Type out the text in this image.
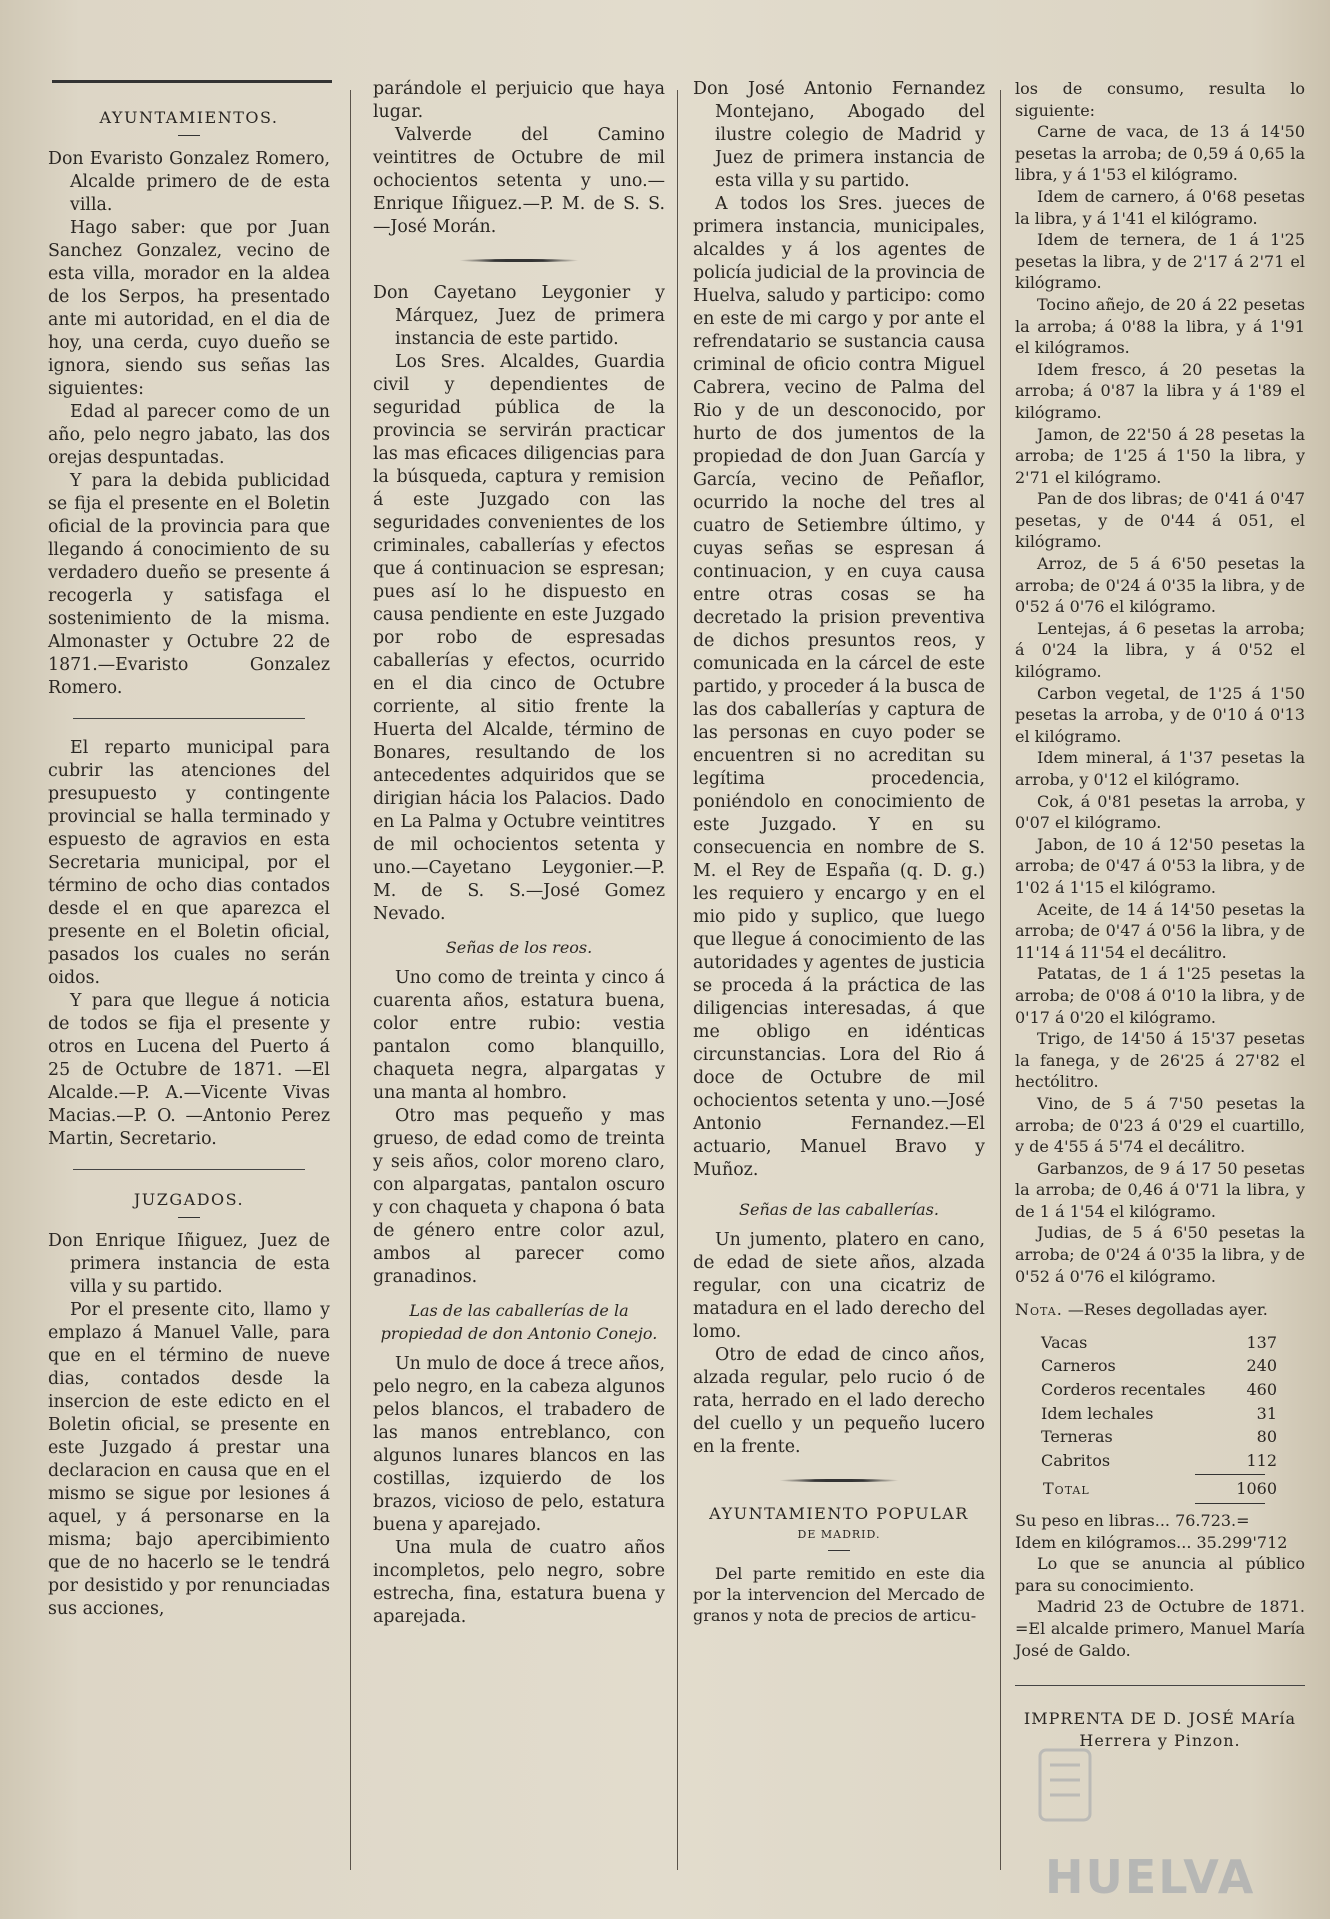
AYUNTAMIENTOS.

Don Evaristo Gonzalez Romero, Alcalde primero de de esta villa.

Hago saber: que por Juan Sanchez Gonzalez, vecino de esta villa, morador en la aldea de los Serpos, ha presentado ante mi autoridad, en el dia de hoy, una cerda, cuyo dueño se ignora, siendo sus señas las siguientes:

Edad al parecer como de un año, pelo negro jabato, las dos orejas despuntadas.

Y para la debida publicidad se fija el presente en el Boletin oficial de la provincia para que llegando á conocimiento de su verdadero dueño se presente á recogerla y satisfaga el sostenimiento de la misma. Almonaster y Octubre 22 de 1871.—Evaristo Gonzalez Romero.

El reparto municipal para cubrir las atenciones del presupuesto y contingente provincial se halla terminado y espuesto de agravios en esta Secretaria municipal, por el término de ocho dias contados desde el en que aparezca el presente en el Boletin oficial, pasados los cuales no serán oidos.

Y para que llegue á noticia de todos se fija el presente y otros en Lucena del Puerto á 25 de Octubre de 1871. —El Alcalde.—P. A.—Vicente Vivas Macias.—P. O. —Antonio Perez Martin, Secretario.

JUZGADOS.

Don Enrique Iñiguez, Juez de primera instancia de esta villa y su partido.

Por el presente cito, llamo y emplazo á Manuel Valle, para que en el término de nueve dias, contados desde la insercion de este edicto en el Boletin oficial, se presente en este Juzgado á prestar una declaracion en causa que en el mismo se sigue por lesiones á aquel, y á personarse en la misma; bajo apercibimiento que de no hacerlo se le tendrá por desistido y por renunciadas sus acciones,

parándole el perjuicio que haya lugar.

Valverde del Camino veintitres de Octubre de mil ochocientos setenta y uno.—Enrique Iñiguez.—P. M. de S. S.—José Morán.

Don Cayetano Leygonier y Márquez, Juez de primera instancia de este partido.

Los Sres. Alcaldes, Guardia civil y dependientes de seguridad pública de la provincia se servirán practicar las mas eficaces diligencias para la búsqueda, captura y remision á este Juzgado con las seguridades convenientes de los criminales, caballerías y efectos que á continuacion se espresan; pues así lo he dispuesto en causa pendiente en este Juzgado por robo de espresadas caballerías y efectos, ocurrido en el dia cinco de Octubre corriente, al sitio frente la Huerta del Alcalde, término de Bonares, resultando de los antecedentes adquiridos que se dirigian hácia los Palacios. Dado en La Palma y Octubre veintitres de mil ochocientos setenta y uno.—Cayetano Leygonier.—P. M. de S. S.—José Gomez Nevado.

Señas de los reos.

Uno como de treinta y cinco á cuarenta años, estatura buena, color entre rubio: vestia pantalon como blanquillo, chaqueta negra, alpargatas y una manta al hombro.

Otro mas pequeño y mas grueso, de edad como de treinta y seis años, color moreno claro, con alpargatas, pantalon oscuro y con chaqueta y chapona ó bata de género entre color azul, ambos al parecer como granadinos.

Las de las caballerías de la propiedad de don Antonio Conejo.

Un mulo de doce á trece años, pelo negro, en la cabeza algunos pelos blancos, el trabadero de las manos entreblanco, con algunos lunares blancos en las costillas, izquierdo de los brazos, vicioso de pelo, estatura buena y aparejado.

Una mula de cuatro años incompletos, pelo negro, sobre estrecha, fina, estatura buena y aparejada.

Don José Antonio Fernandez Montejano, Abogado del ilustre colegio de Madrid y Juez de primera instancia de esta villa y su partido.

A todos los Sres. jueces de primera instancia, municipales, alcaldes y á los agentes de policía judicial de la provincia de Huelva, saludo y participo: como en este de mi cargo y por ante el refrendatario se sustancia causa criminal de oficio contra Miguel Cabrera, vecino de Palma del Rio y de un desconocido, por hurto de dos jumentos de la propiedad de don Juan García y García, vecino de Peñaflor, ocurrido la noche del tres al cuatro de Setiembre último, y cuyas señas se espresan á continuacion, y en cuya causa entre otras cosas se ha decretado la prision preventiva de dichos presuntos reos, y comunicada en la cárcel de este partido, y proceder á la busca de las dos caballerías y captura de las personas en cuyo poder se encuentren si no acreditan su legítima procedencia, poniéndolo en conocimiento de este Juzgado. Y en su consecuencia en nombre de S. M. el Rey de España (q. D. g.) les requiero y encargo y en el mio pido y suplico, que luego que llegue á conocimiento de las autoridades y agentes de justicia se proceda á la práctica de las diligencias interesadas, á que me obligo en idénticas circunstancias. Lora del Rio á doce de Octubre de mil ochocientos setenta y uno.—José Antonio Fernandez.—El actuario, Manuel Bravo y Muñoz.

Señas de las caballerías.

Un jumento, platero en cano, de edad de siete años, alzada regular, con una cicatriz de matadura en el lado derecho del lomo.

Otro de edad de cinco años, alzada regular, pelo rucio ó de rata, herrado en el lado derecho del cuello y un pequeño lucero en la frente.

AYUNTAMIENTO POPULAR
DE MADRID.

Del parte remitido en este dia por la intervencion del Mercado de granos y nota de precios de articu-

los de consumo, resulta lo siguiente:

Carne de vaca, de 13 á 14'50 pesetas la arroba; de 0,59 á 0,65 la libra, y á 1'53 el kilógramo.

Idem de carnero, á 0'68 pesetas la libra, y á 1'41 el kilógramo.

Idem de ternera, de 1 á 1'25 pesetas la libra, y de 2'17 á 2'71 el kilógramo.

Tocino añejo, de 20 á 22 pesetas la arroba; á 0'88 la libra, y á 1'91 el kilógramos.

Idem fresco, á 20 pesetas la arroba; á 0'87 la libra y á 1'89 el kilógramo.

Jamon, de 22'50 á 28 pesetas la arroba; de 1'25 á 1'50 la libra, y 2'71 el kilógramo.

Pan de dos libras; de 0'41 á 0'47 pesetas, y de 0'44 á 051, el kilógramo.

Arroz, de 5 á 6'50 pesetas la arroba; de 0'24 á 0'35 la libra, y de 0'52 á 0'76 el kilógramo.

Lentejas, á 6 pesetas la arroba; á 0'24 la libra, y á 0'52 el kilógramo.

Carbon vegetal, de 1'25 á 1'50 pesetas la arroba, y de 0'10 á 0'13 el kilógramo.

Idem mineral, á 1'37 pesetas la arroba, y 0'12 el kilógramo.

Cok, á 0'81 pesetas la arroba, y 0'07 el kilógramo.

Jabon, de 10 á 12'50 pesetas la arroba; de 0'47 á 0'53 la libra, y de 1'02 á 1'15 el kilógramo.

Aceite, de 14 á 14'50 pesetas la arroba; de 0'47 á 0'56 la libra, y de 11'14 á 11'54 el decálitro.

Patatas, de 1 á 1'25 pesetas la arroba; de 0'08 á 0'10 la libra, y de 0'17 á 0'20 el kilógramo.

Trigo, de 14'50 á 15'37 pesetas la fanega, y de 26'25 á 27'82 el hectólitro.

Vino, de 5 á 7'50 pesetas la arroba; de 0'23 á 0'29 el cuartillo, y de 4'55 á 5'74 el decálitro.

Garbanzos, de 9 á 17 50 pesetas la arroba; de 0,46 á 0'71 la libra, y de 1 á 1'54 el kilógramo.

Judias, de 5 á 6'50 pesetas la arroba; de 0'24 á 0'35 la libra, y de 0'52 á 0'76 el kilógramo.

Nota. —Reses degolladas ayer.

Vacas	137
Carneros	240
Corderos recentales	460
Idem lechales	31
Terneras	80
Cabritos	112
Total	1060

Su peso en libras... 76.723.=

Idem en kilógramos... 35.299'712

Lo que se anuncia al público para su conocimiento.

Madrid 23 de Octubre de 1871. =El alcalde primero, Manuel María José de Galdo.

IMPRENTA DE D. JOSÉ MAría Herrera y Pinzon.

HUELVA
